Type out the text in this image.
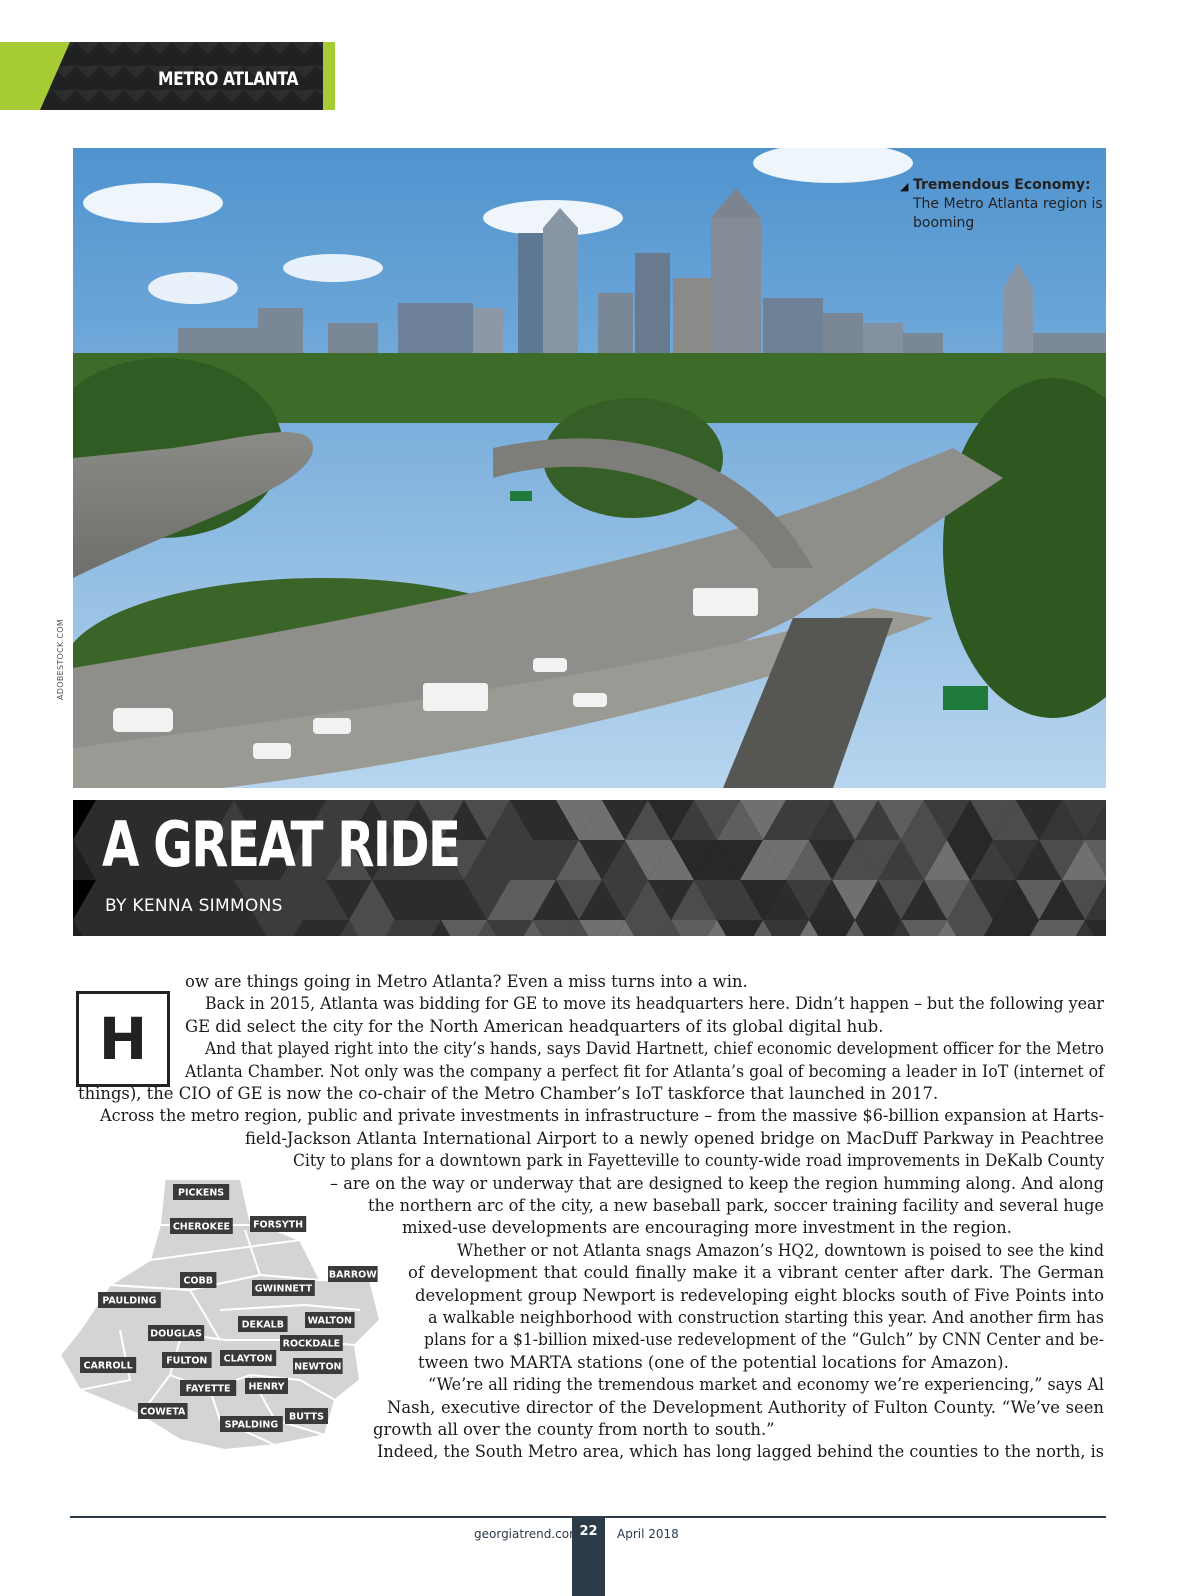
METRO ATLANTA
ADOBESTOCK.COM
◢ Tremendous Economy:
The Metro Atlanta region is booming
A GREAT RIDE
BY KENNA SIMMONS
H
ow are things going in Metro Atlanta? Even a miss turns into a win.
Back in 2015, Atlanta was bidding for GE to move its headquarters here. Didn’t happen – but the following year
GE did select the city for the North American headquarters of its global digital hub.
And that played right into the city’s hands, says David Hartnett, chief economic development officer for the Metro
Atlanta Chamber. Not only was the company a perfect fit for Atlanta’s goal of becoming a leader in IoT (internet of
things), the CIO of GE is now the co-chair of the Metro Chamber’s IoT taskforce that launched in 2017.
Across the metro region, public and private investments in infrastructure – from the massive $6-billion expansion at Harts-
field-Jackson Atlanta International Airport to a newly opened bridge on MacDuff Parkway in Peachtree
City to plans for a downtown park in Fayetteville to county-wide road improvements in DeKalb County
– are on the way or underway that are designed to keep the region humming along. And along
the northern arc of the city, a new baseball park, soccer training facility and several huge
mixed-use developments are encouraging more investment in the region.
Whether or not Atlanta snags Amazon’s HQ2, downtown is poised to see the kind
of development that could finally make it a vibrant center after dark. The German
development group Newport is redeveloping eight blocks south of Five Points into
a walkable neighborhood with construction starting this year. And another firm has
plans for a $1-billion mixed-use redevelopment of the “Gulch” by CNN Center and be-
tween two MARTA stations (one of the potential locations for Amazon).
“We’re all riding the tremendous market and economy we’re experiencing,” says Al
Nash, executive director of the Development Authority of Fulton County. “We’ve seen
growth all over the county from north to south.”
Indeed, the South Metro area, which has long lagged behind the counties to the north, is
PICKENS
CHEROKEE FORSYTH
BARROW
COBB
GWINNETT
PAULDING
DEKALB WALTON
DOUGLAS
ROCKDALE
CARROLL	FULTON CLAYTON
NEWTON
FAYETTE HENRY
COWETA	BUTTS
SPALDING
22
georgiatrend.com	April 2018
